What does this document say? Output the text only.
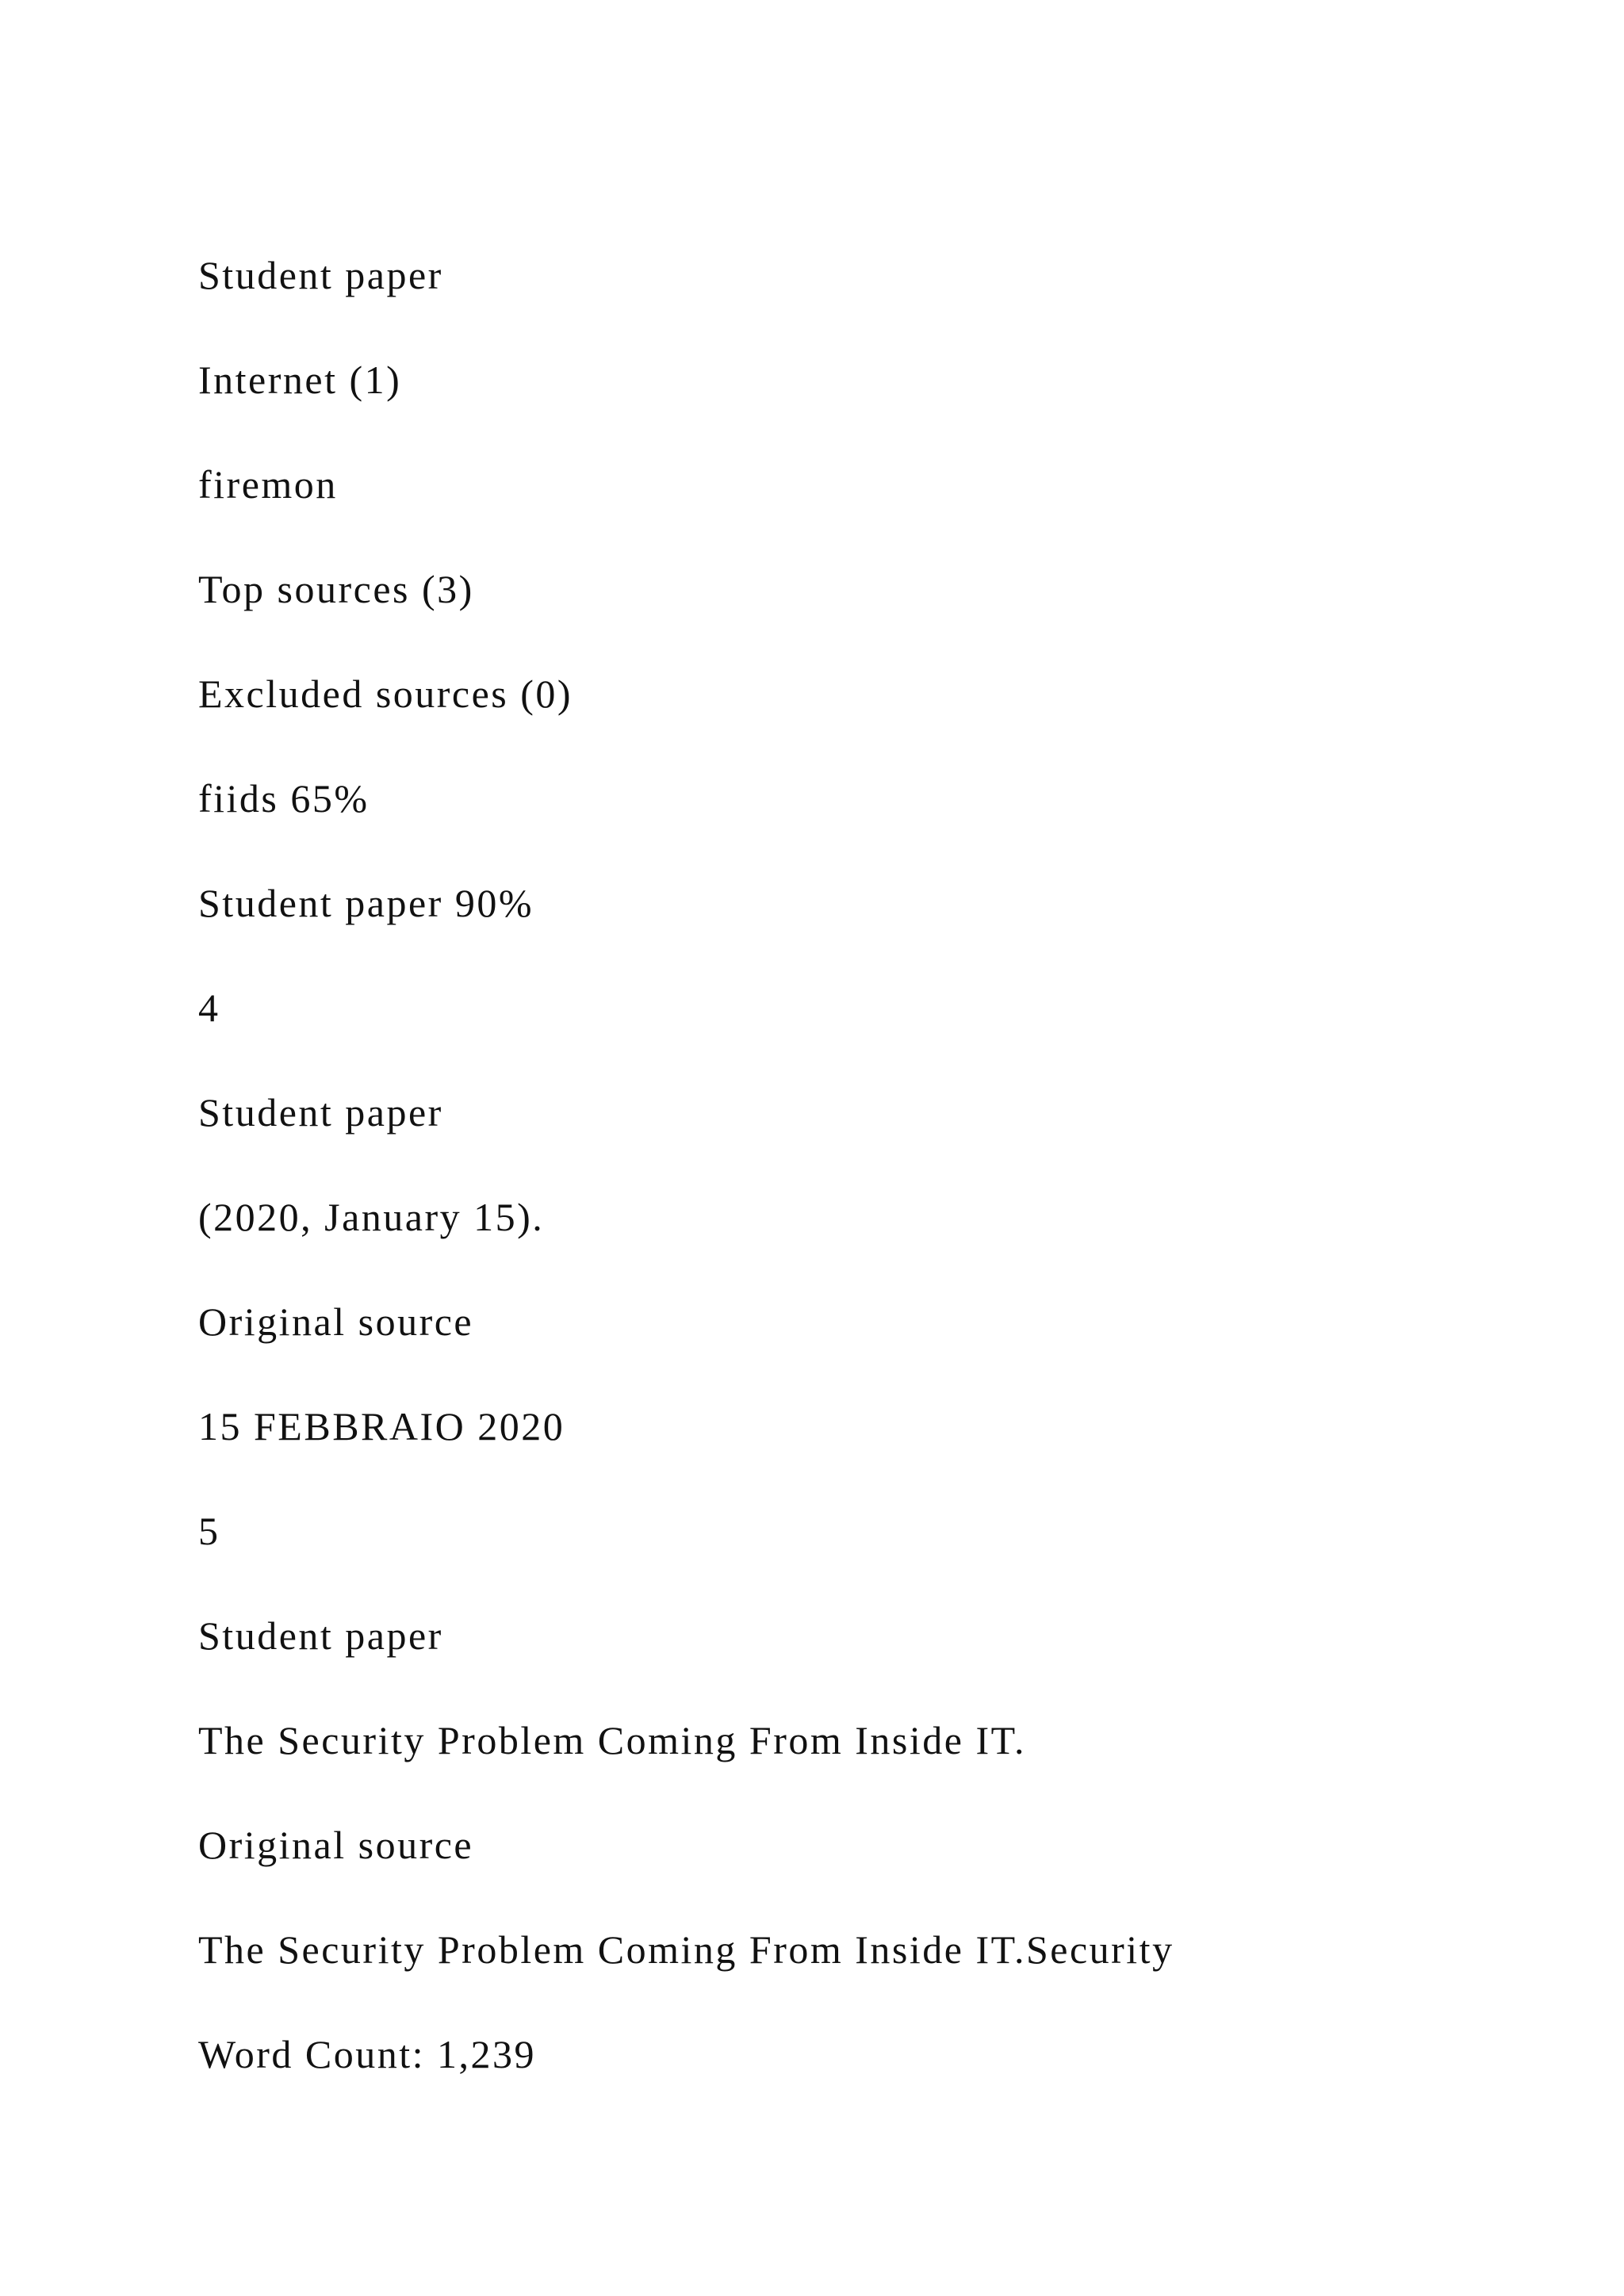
Student paper
Internet (1)
firemon
Top sources (3)
Excluded sources (0)
fiids 65%
Student paper 90%
4
Student paper
(2020, January 15).
Original source
15 FEBBRAIO 2020
5
Student paper
The Security Problem Coming From Inside IT.
Original source
The Security Problem Coming From Inside IT.Security
Word Count: 1,239
